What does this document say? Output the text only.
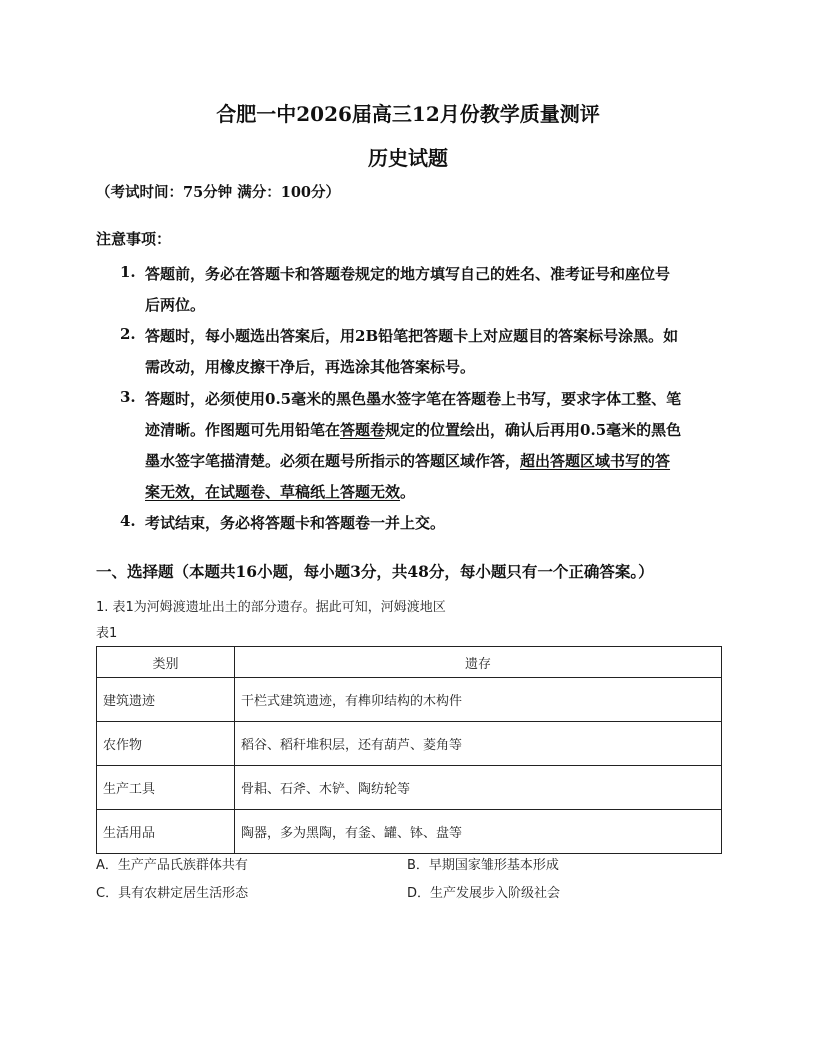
合肥一中2026届高三12月份教学质量测评
历史试题
（考试时间：75分钟 满分：100分）
注意事项：
1. 答题前，务必在答题卡和答题卷规定的地方填写自己的姓名、准考证号和座位号
后两位。
2. 答题时，每小题选出答案后，用2B铅笔把答题卡上对应题目的答案标号涂黑。如
需改动，用橡皮擦干净后，再选涂其他答案标号。
3. 答题时，必须使用0.5毫米的黑色墨水签字笔在答题卷上书写，要求字体工整、笔
迹清晰。作图题可先用铅笔在答题卷规定的位置绘出，确认后再用0.5毫米的黑色
墨水签字笔描清楚。必须在题号所指示的答题区域作答，超出答题区域书写的答
案无效，在试题卷、草稿纸上答题无效。
4. 考试结束，务必将答题卡和答题卷一并上交。
一、选择题（本题共16小题，每小题3分，共48分，每小题只有一个正确答案。）
1. 表1为河姆渡遗址出土的部分遗存。据此可知，河姆渡地区
表1
类别	遗存
建筑遗迹	干栏式建筑遗迹，有榫卯结构的木构件
农作物	稻谷、稻秆堆积层，还有葫芦、菱角等
生产工具	骨耜、石斧、木铲、陶纺轮等
生活用品	陶器，多为黑陶，有釜、罐、钵、盘等
A．生产产品氏族群体共有	B．早期国家雏形基本形成
C．具有农耕定居生活形态	D．生产发展步入阶级社会
